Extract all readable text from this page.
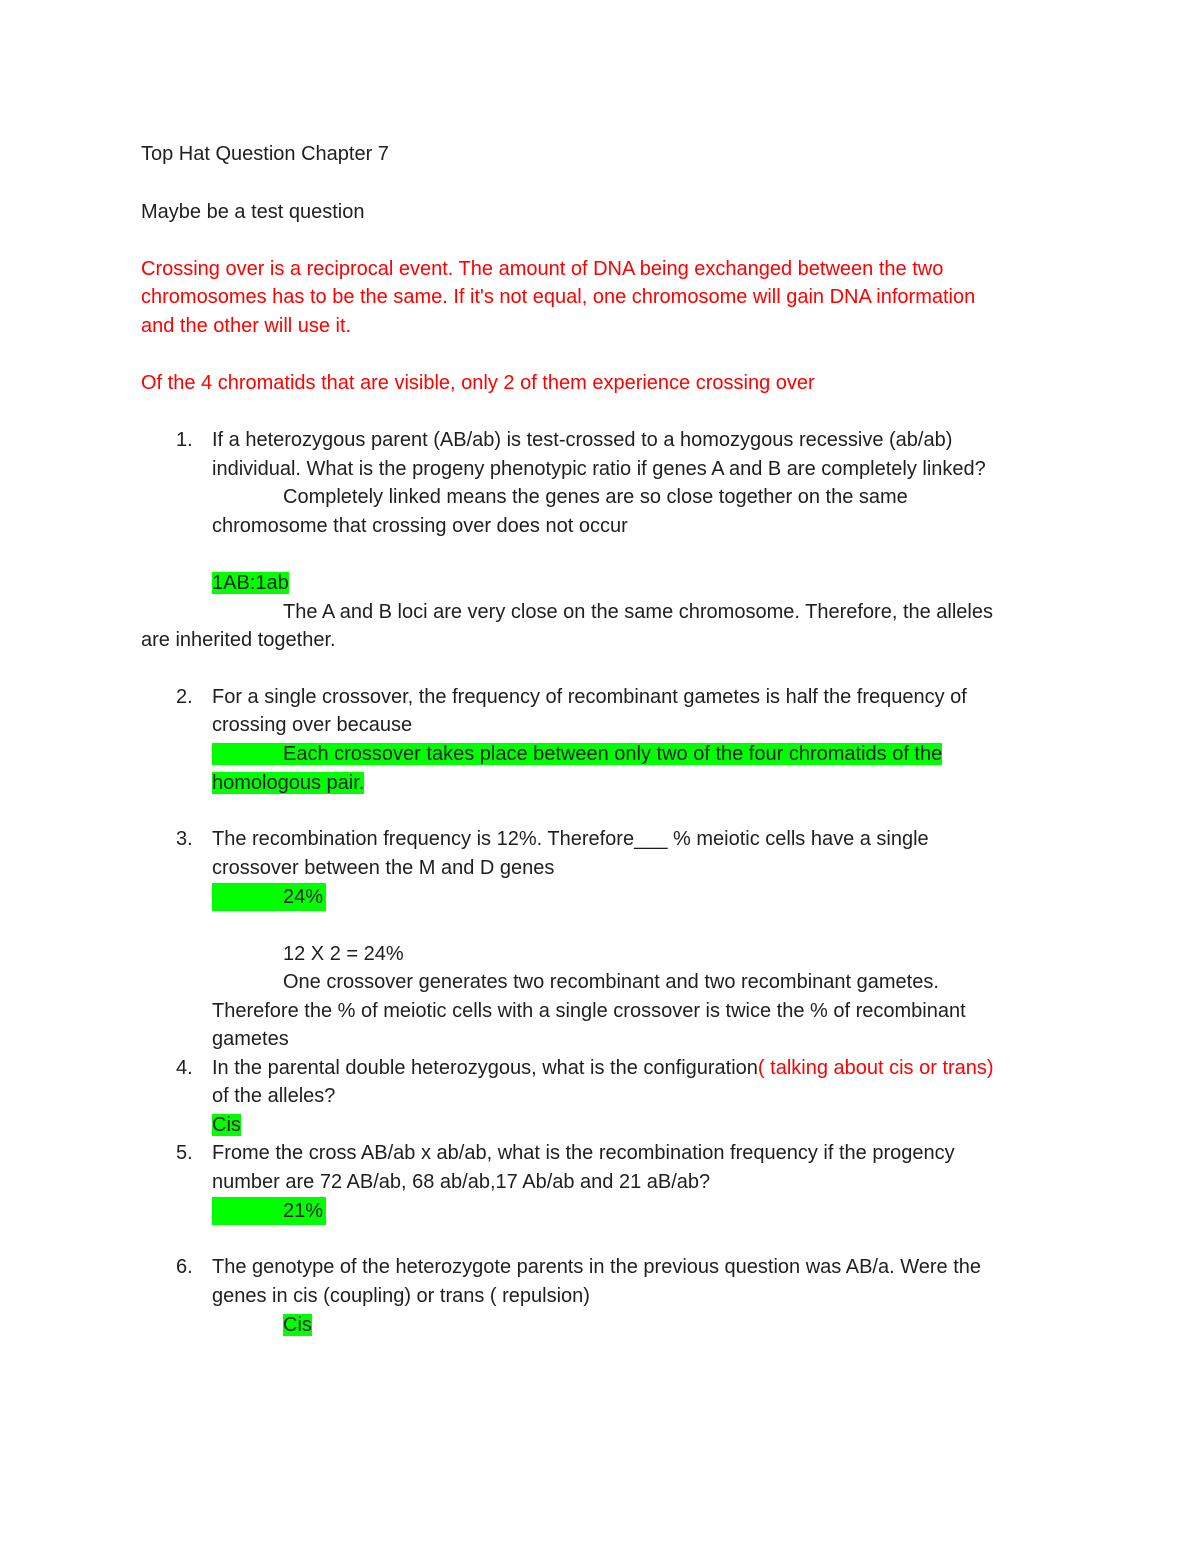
Top Hat Question Chapter 7
Maybe be a test question
Crossing over is a reciprocal event. The amount of DNA being exchanged between the two
chromosomes has to be the same. If it's not equal, one chromosome will gain DNA information
and the other will use it.
Of the 4 chromatids that are visible, only 2 of them experience crossing over
1. If a heterozygous parent (AB/ab) is test-crossed to a homozygous recessive (ab/ab)
individual. What is the progeny phenotypic ratio if genes A and B are completely linked?
Completely linked means the genes are so close together on the same
chromosome that crossing over does not occur
1AB:1ab
The A and B loci are very close on the same chromosome. Therefore, the alleles
are inherited together.
2. For a single crossover, the frequency of recombinant gametes is half the frequency of
crossing over because
Each crossover takes place between only two of the four chromatids of the
homologous pair.
3. The recombination frequency is 12%. Therefore___ % meiotic cells have a single
crossover between the M and D genes
24%
12 X 2 = 24%
One crossover generates two recombinant and two recombinant gametes.
Therefore the % of meiotic cells with a single crossover is twice the % of recombinant
gametes
4. In the parental double heterozygous, what is the configuration( talking about cis or trans)
of the alleles?
Cis
5. Frome the cross AB/ab x ab/ab, what is the recombination frequency if the progency
number are 72 AB/ab, 68 ab/ab,17 Ab/ab and 21 aB/ab?
21%
6. The genotype of the heterozygote parents in the previous question was AB/a. Were the
genes in cis (coupling) or trans ( repulsion)
Cis
